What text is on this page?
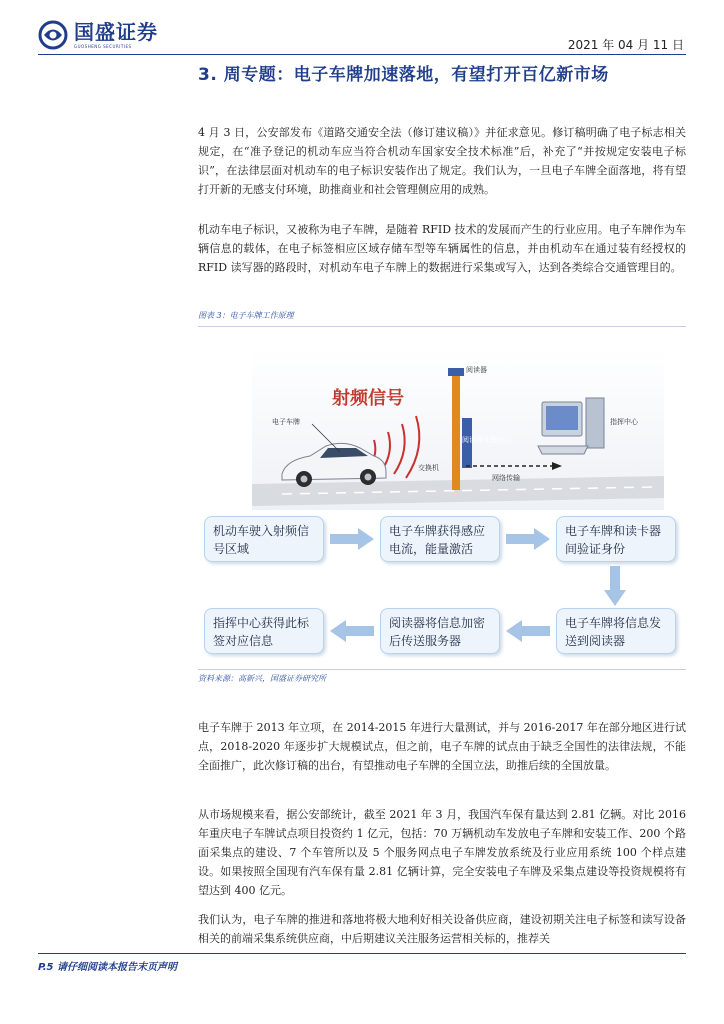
国盛证券
GUOSHENG SECURITIES	2021 年 04 月 11 日
3. 周专题：电子车牌加速落地，有望打开百亿新市场

4 月 3 日，公安部发布《道路交通安全法（修订建议稿）》并征求意见。修订稿明确了电子标志相关规定，在“准予登记的机动车应当符合机动车国家安全技术标准”后，补充了“并按规定安装电子标识”，在法律层面对机动车的电子标识安装作出了规定。我们认为，一旦电子车牌全面落地，将有望打开新的无感支付环境，助推商业和社会管理侧应用的成熟。

机动车电子标识，又被称为电子车牌，是随着 RFID 技术的发展而产生的行业应用。电子车牌作为车辆信息的载体，在电子标签相应区域存储车型等车辆属性的信息，并由机动车在通过装有经授权的 RFID 读写器的路段时，对机动车电子车牌上的数据进行采集或写入，达到各类综合交通管理目的。

图表 3：电子车牌工作原理
射频信号
阅读器
电子车牌
阅读器处理中心
交换机
网络传输
指挥中心
机动车驶入射频信号区域
电子车牌获得感应电流，能量激活
电子车牌和读卡器间验证身份
电子车牌将信息发送到阅读器
阅读器将信息加密后传送服务器
指挥中心获得此标签对应信息
资料来源：高新兴，国盛证券研究所

电子车牌于 2013 年立项，在 2014-2015 年进行大量测试，并与 2016-2017 年在部分地区进行试点，2018-2020 年逐步扩大规模试点，但之前，电子车牌的试点由于缺乏全国性的法律法规，不能全面推广，此次修订稿的出台，有望推动电子车牌的全国立法，助推后续的全国放量。

从市场规模来看，据公安部统计，截至 2021 年 3 月，我国汽车保有量达到 2.81 亿辆。对比 2016 年重庆电子车牌试点项目投资约 1 亿元，包括：70 万辆机动车发放电子车牌和安装工作、200 个路面采集点的建设、7 个车管所以及 5 个服务网点电子车牌发放系统及行业应用系统 100 个样点建设。如果按照全国现有汽车保有量 2.81 亿辆计算，完全安装电子车牌及采集点建设等投资规模将有望达到 400 亿元。

我们认为，电子车牌的推进和落地将极大地利好相关设备供应商，建设初期关注电子标签和读写设备相关的前端采集系统供应商，中后期建议关注服务运营相关标的，推荐关

P.5 请仔细阅读本报告末页声明
